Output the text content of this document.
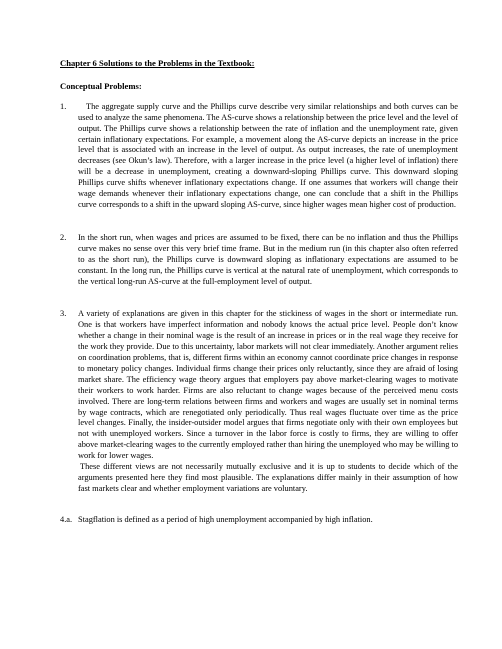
Chapter 6 Solutions to the Problems in the Textbook:
Conceptual Problems:
1.	The aggregate supply curve and the Phillips curve describe very similar relationships and both curves can be used to analyze the same phenomena. The AS-curve shows a relationship between the price level and the level of output. The Phillips curve shows a relationship between the rate of inflation and the unemployment rate, given certain inflationary expectations. For example, a movement along the AS-curve depicts an increase in the price level that is associated with an increase in the level of output. As output increases, the rate of unemployment decreases (see Okun’s law). Therefore, with a larger increase in the price level (a higher level of inflation) there will be a decrease in unemployment, creating a downward-sloping Phillips curve. This downward sloping Phillips curve shifts whenever inflationary expectations change. If one assumes that workers will change their wage demands whenever their inflationary expectations change, one can conclude that a shift in the Phillips curve corresponds to a shift in the upward sloping AS-curve, since higher wages mean higher cost of production.
2.	In the short run, when wages and prices are assumed to be fixed, there can be no inflation and thus the Phillips curve makes no sense over this very brief time frame. But in the medium run (in this chapter also often referred to as the short run), the Phillips curve is downward sloping as inflationary expectations are assumed to be constant. In the long run, the Phillips curve is vertical at the natural rate of unemployment, which corresponds to the vertical long-run AS-curve at the full-employment level of output.
3.	A variety of explanations are given in this chapter for the stickiness of wages in the short or intermediate run. One is that workers have imperfect information and nobody knows the actual price level. People don’t know whether a change in their nominal wage is the result of an increase in prices or in the real wage they receive for the work they provide. Due to this uncertainty, labor markets will not clear immediately. Another argument relies on coordination problems, that is, different firms within an economy cannot coordinate price changes in response to monetary policy changes. Individual firms change their prices only reluctantly, since they are afraid of losing market share. The efficiency wage theory argues that employers pay above market-clearing wages to motivate their workers to work harder. Firms are also reluctant to change wages because of the perceived menu costs involved. There are long-term relations between firms and workers and wages are usually set in nominal terms by wage contracts, which are renegotiated only periodically. Thus real wages fluctuate over time as the price level changes. Finally, the insider-outsider model argues that firms negotiate only with their own employees but not with unemployed workers. Since a turnover in the labor force is costly to firms, they are willing to offer above market-clearing wages to the currently employed rather than hiring the unemployed who may be willing to work for lower wages.
These different views are not necessarily mutually exclusive and it is up to students to decide which of the arguments presented here they find most plausible. The explanations differ mainly in their assumption of how fast markets clear and whether employment variations are voluntary.
4.a. Stagflation is defined as a period of high unemployment accompanied by high inflation.
